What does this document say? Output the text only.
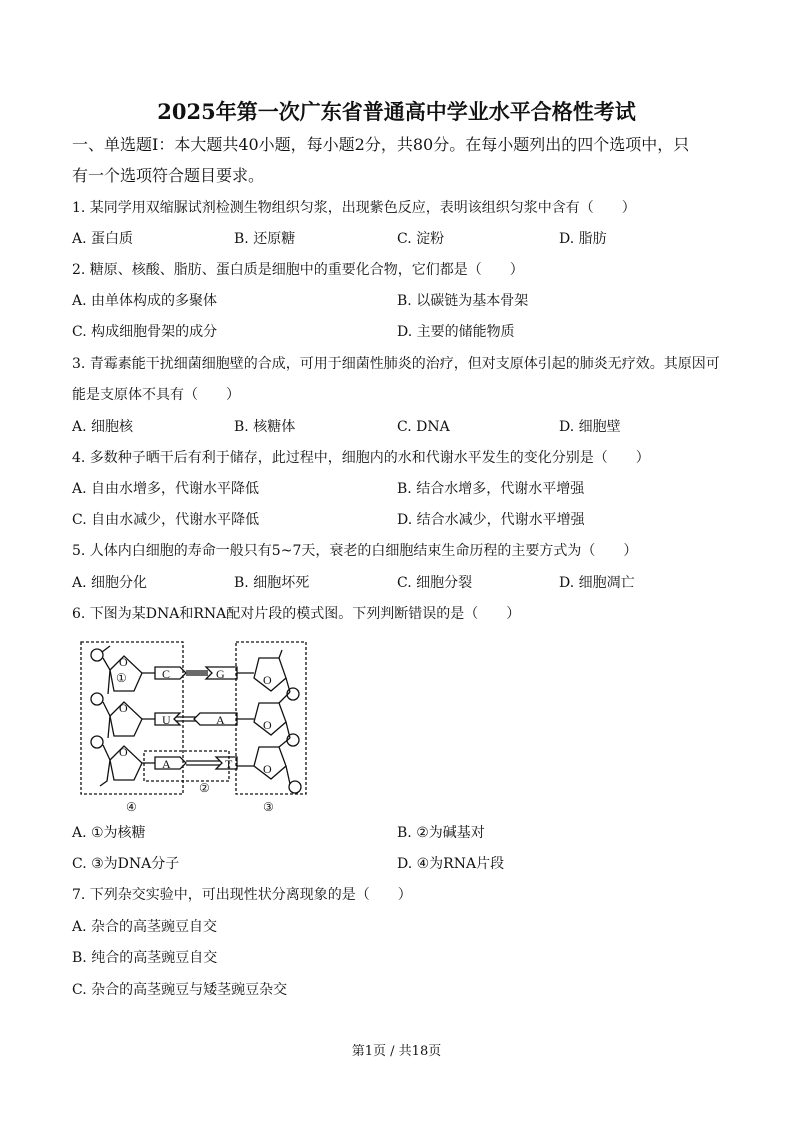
2025年第一次广东省普通高中学业水平合格性考试
一、单选题Ⅰ：本大题共40小题，每小题2分，共80分。在每小题列出的四个选项中，只
有一个选项符合题目要求。
1. 某同学用双缩脲试剂检测生物组织匀浆，出现紫色反应，表明该组织匀浆中含有（　　）
A. 蛋白质	B. 还原糖	C. 淀粉	D. 脂肪
2. 糖原、核酸、脂肪、蛋白质是细胞中的重要化合物，它们都是（　　）
A. 由单体构成的多聚体	B. 以碳链为基本骨架
C. 构成细胞骨架的成分	D. 主要的储能物质
3. 青霉素能干扰细菌细胞壁的合成，可用于细菌性肺炎的治疗，但对支原体引起的肺炎无疗效。其原因可
能是支原体不具有（　　）
A. 细胞核	B. 核糖体	C. DNA	D. 细胞壁
4. 多数种子晒干后有利于储存，此过程中，细胞内的水和代谢水平发生的变化分别是（　　）
A. 自由水增多，代谢水平降低	B. 结合水增多，代谢水平增强
C. 自由水减少，代谢水平降低	D. 结合水减少，代谢水平增强
5. 人体内白细胞的寿命一般只有5~7天，衰老的白细胞结束生命历程的主要方式为（　　）
A. 细胞分化	B. 细胞坏死	C. 细胞分裂	D. 细胞凋亡
6. 下图为某DNA和RNA配对片段的模式图。下列判断错误的是（　　）
O
O
O
O
O
O
C
U
A
G
A
T
①
②
③
④
A. ①为核糖	B. ②为碱基对
C. ③为DNA分子	D. ④为RNA片段
7. 下列杂交实验中，可出现性状分离现象的是（　　）
A. 杂合的高茎豌豆自交
B. 纯合的高茎豌豆自交
C. 杂合的高茎豌豆与矮茎豌豆杂交
第1页 / 共18页
